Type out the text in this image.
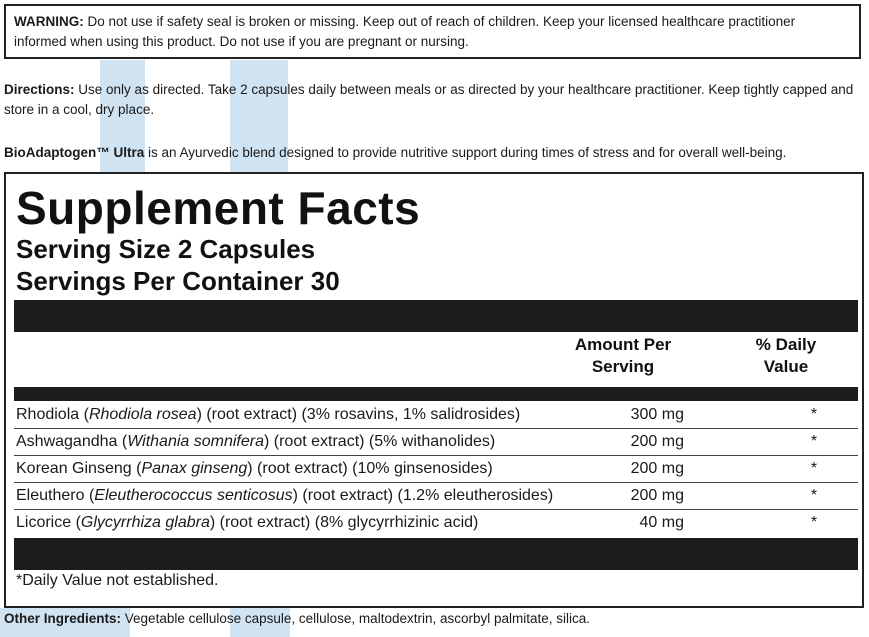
WARNING: Do not use if safety seal is broken or missing. Keep out of reach of children. Keep your licensed healthcare practitioner informed when using this product. Do not use if you are pregnant or nursing.
Directions: Use only as directed. Take 2 capsules daily between meals or as directed by your healthcare practitioner. Keep tightly capped and store in a cool, dry place.
BioAdaptogen™ Ultra is an Ayurvedic blend designed to provide nutritive support during times of stress and for overall well-being.
Supplement Facts
Serving Size 2 Capsules
Servings Per Container 30
Amount Per
Serving
% Daily
Value
Rhodiola (Rhodiola rosea) (root extract) (3% rosavins, 1% salidrosides)	300 mg	*
Ashwagandha (Withania somnifera) (root extract) (5% withanolides)	200 mg	*
Korean Ginseng (Panax ginseng) (root extract) (10% ginsenosides)	200 mg	*
Eleuthero (Eleutherococcus senticosus) (root extract) (1.2% eleutherosides)	200 mg	*
Licorice (Glycyrrhiza glabra) (root extract) (8% glycyrrhizinic acid)	40 mg	*
*Daily Value not established.
Other Ingredients: Vegetable cellulose capsule, cellulose, maltodextrin, ascorbyl palmitate, silica.
